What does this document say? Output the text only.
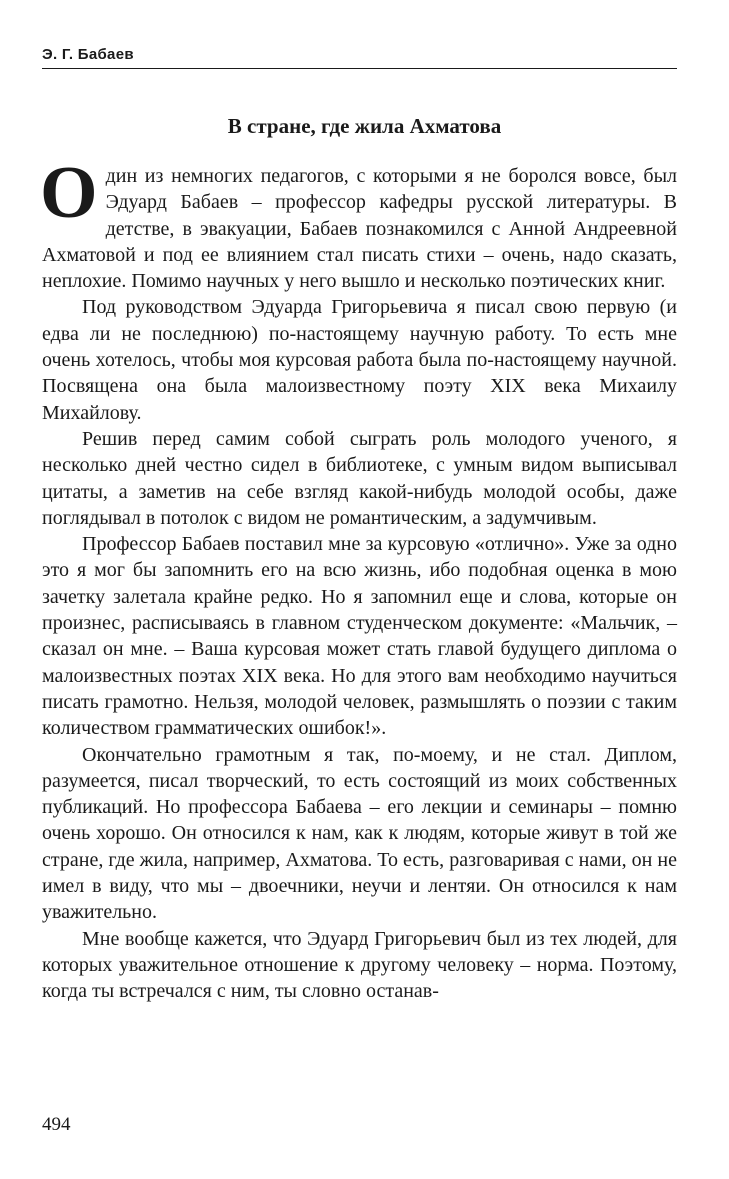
Э. Г. Бабаев
В стране, где жила Ахматова

Один из немногих педагогов, с которыми я не боролся вовсе, был Эдуард Бабаев – профессор кафедры русской литературы. В детстве, в эвакуации, Бабаев познакомился с Анной Андреевной Ахматовой и под ее влиянием стал писать стихи – очень, надо сказать, неплохие. Помимо научных у него вышло и несколько поэтических книг.

Под руководством Эдуарда Григорьевича я писал свою первую (и едва ли не последнюю) по-настоящему научную работу. То есть мне очень хотелось, чтобы моя курсовая работа была по-настоящему научной. Посвящена она была малоизвестному поэту XIX века Михаилу Михайлову.

Решив перед самим собой сыграть роль молодого ученого, я несколько дней честно сидел в библиотеке, с умным видом выписывал цитаты, а заметив на себе взгляд какой-нибудь молодой особы, даже поглядывал в потолок с видом не романтическим, а задумчивым.

Профессор Бабаев поставил мне за курсовую «отлично». Уже за одно это я мог бы запомнить его на всю жизнь, ибо подобная оценка в мою зачетку залетала крайне редко. Но я запомнил еще и слова, которые он произнес, расписываясь в главном студенческом документе: «Мальчик, – сказал он мне. – Ваша курсовая может стать главой будущего диплома о малоизвестных поэтах XIX века. Но для этого вам необходимо научиться писать грамотно. Нельзя, молодой человек, размышлять о поэзии с таким количеством грамматических ошибок!».

Окончательно грамотным я так, по-моему, и не стал. Диплом, разумеется, писал творческий, то есть состоящий из моих собственных публикаций. Но профессора Бабаева – его лекции и семинары – помню очень хорошо. Он относился к нам, как к людям, которые живут в той же стране, где жила, например, Ахматова. То есть, разговаривая с нами, он не имел в виду, что мы – двоечники, неучи и лентяи. Он относился к нам уважительно.

Мне вообще кажется, что Эдуард Григорьевич был из тех людей, для которых уважительное отношение к другому человеку – норма. Поэтому, когда ты встречался с ним, ты словно останав-

494
